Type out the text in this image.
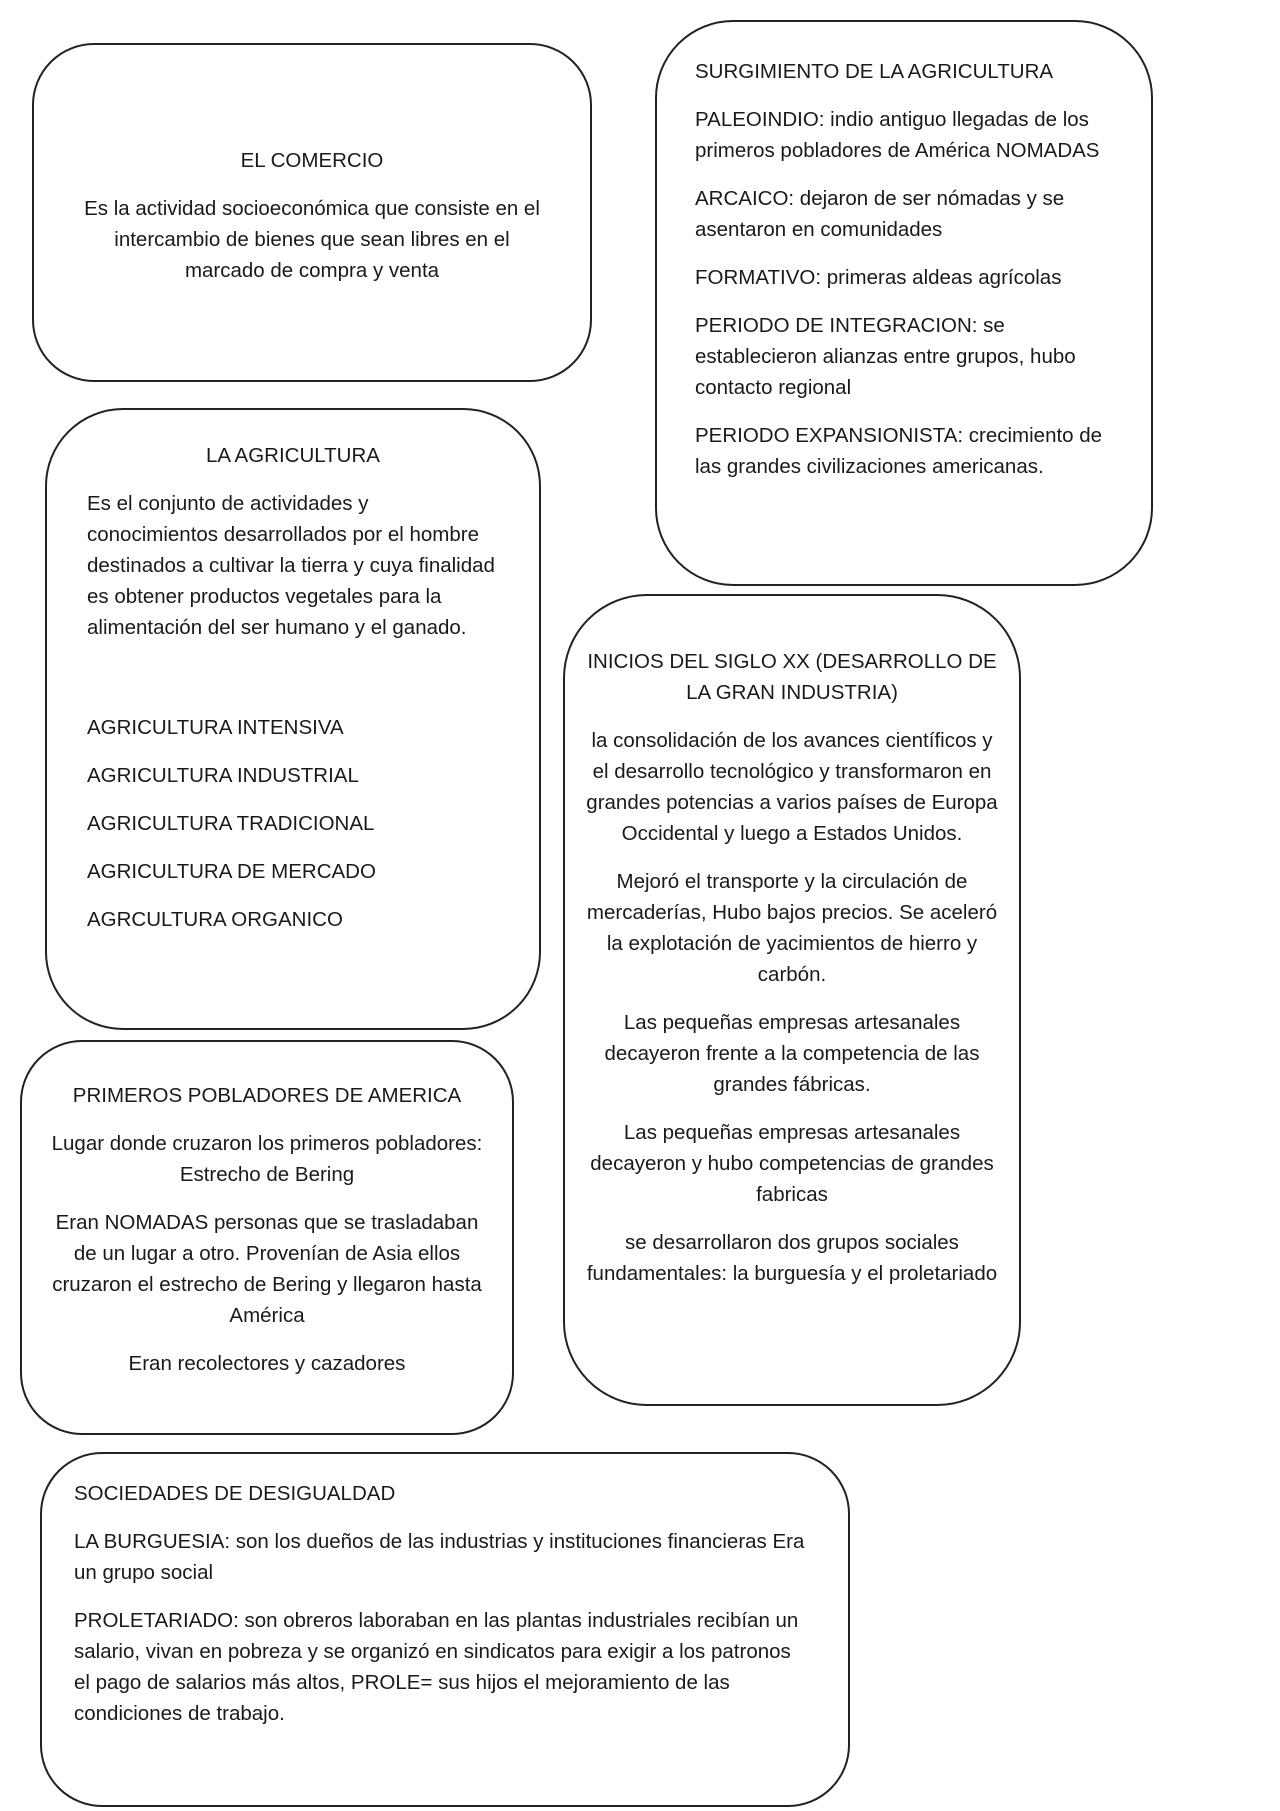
EL COMERCIO

Es la actividad socioeconómica que consiste en el intercambio de bienes que sean libres en el marcado de compra y venta

SURGIMIENTO DE LA AGRICULTURA

PALEOINDIO: indio antiguo llegadas de los primeros pobladores de América NOMADAS

ARCAICO: dejaron de ser nómadas y se asentaron en comunidades

FORMATIVO: primeras aldeas agrícolas

PERIODO DE INTEGRACION: se establecieron alianzas entre grupos, hubo contacto regional

PERIODO EXPANSIONISTA: crecimiento de las grandes civilizaciones americanas.

LA AGRICULTURA

Es el conjunto de actividades y conocimientos desarrollados por el hombre destinados a cultivar la tierra y cuya finalidad es obtener productos vegetales para la alimentación del ser humano y el ganado.

AGRICULTURA INTENSIVA

AGRICULTURA INDUSTRIAL

AGRICULTURA TRADICIONAL

AGRICULTURA DE MERCADO

AGRCULTURA ORGANICO

INICIOS DEL SIGLO XX (DESARROLLO DE LA GRAN INDUSTRIA)

la consolidación de los avances científicos y el desarrollo tecnológico y transformaron en grandes potencias a varios países de Europa Occidental y luego a Estados Unidos.

Mejoró el transporte y la circulación de mercaderías, Hubo bajos precios. Se aceleró la explotación de yacimientos de hierro y carbón.

Las pequeñas empresas artesanales decayeron frente a la competencia de las grandes fábricas.

Las pequeñas empresas artesanales decayeron y hubo competencias de grandes fabricas

se desarrollaron dos grupos sociales fundamentales: la burguesía y el proletariado

PRIMEROS POBLADORES DE AMERICA

Lugar donde cruzaron los primeros pobladores: Estrecho de Bering

Eran NOMADAS personas que se trasladaban de un lugar a otro. Provenían de Asia ellos cruzaron el estrecho de Bering y llegaron hasta América

Eran recolectores y cazadores

SOCIEDADES DE DESIGUALDAD

LA BURGUESIA: son los dueños de las industrias y instituciones financieras Era un grupo social

PROLETARIADO: son obreros laboraban en las plantas industriales recibían un salario, vivan en pobreza y se organizó en sindicatos para exigir a los patronos el pago de salarios más altos, PROLE= sus hijos el mejoramiento de las condiciones de trabajo.
